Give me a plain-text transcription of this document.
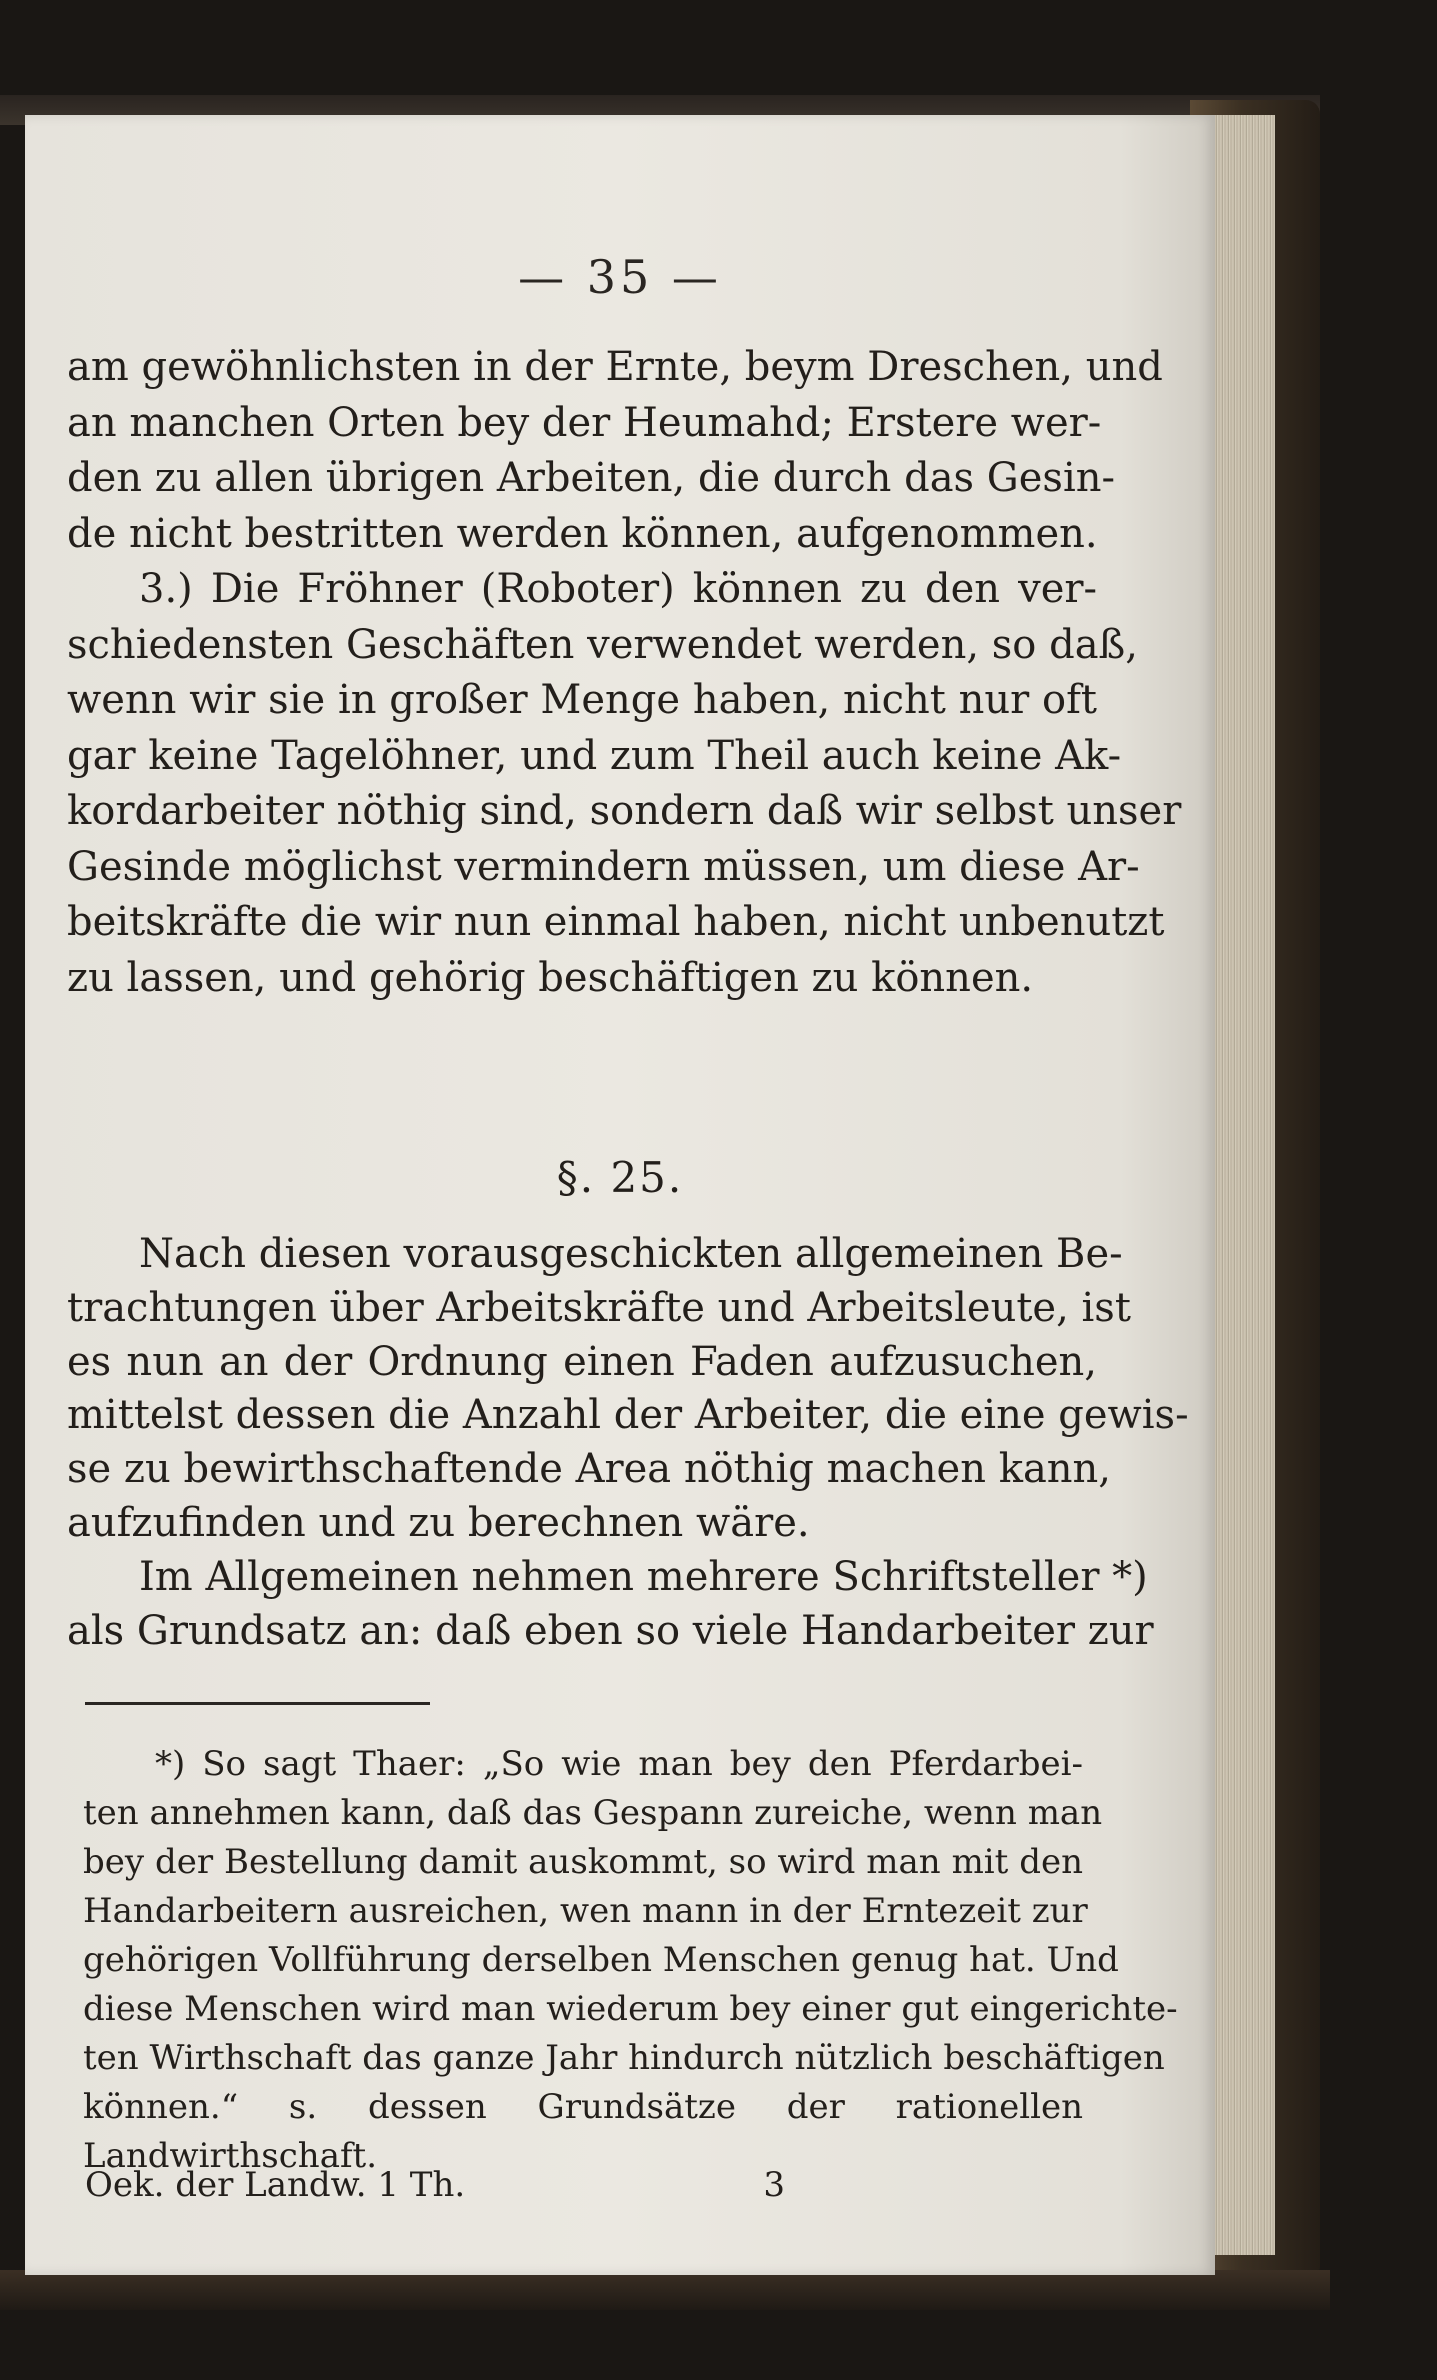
— 35 —
am gewöhnlichsten in der Ernte, beym Dreschen, und
an manchen Orten bey der Heumahd; Erstere wer-
den zu allen übrigen Arbeiten, die durch das Gesin-
de nicht bestritten werden können, aufgenommen.
3.) Die Fröhner (Roboter) können zu den ver-
schiedensten Geschäften verwendet werden, so daß,
wenn wir sie in großer Menge haben, nicht nur oft
gar keine Tagelöhner, und zum Theil auch keine Ak-
kordarbeiter nöthig sind, sondern daß wir selbst unser
Gesinde möglichst vermindern müssen, um diese Ar-
beitskräfte die wir nun einmal haben, nicht unbenutzt
zu lassen, und gehörig beschäftigen zu können.
§. 25.
Nach diesen vorausgeschickten allgemeinen Be-
trachtungen über Arbeitskräfte und Arbeitsleute, ist
es nun an der Ordnung einen Faden aufzusuchen,
mittelst dessen die Anzahl der Arbeiter, die eine gewis-
se zu bewirthschaftende Area nöthig machen kann,
aufzufinden und zu berechnen wäre.
Im Allgemeinen nehmen mehrere Schriftsteller *)
als Grundsatz an: daß eben so viele Handarbeiter zur
*) So sagt Thaer: „So wie man bey den Pferdarbei-
ten annehmen kann, daß das Gespann zureiche, wenn man
bey der Bestellung damit auskommt, so wird man mit den
Handarbeitern ausreichen, wen mann in der Erntezeit zur
gehörigen Vollführung derselben Menschen genug hat. Und
diese Menschen wird man wiederum bey einer gut eingerichte-
ten Wirthschaft das ganze Jahr hindurch nützlich beschäftigen
können.“ s. dessen Grundsätze der rationellen
Landwirthschaft.
Oek. der Landw. 1 Th.	3
